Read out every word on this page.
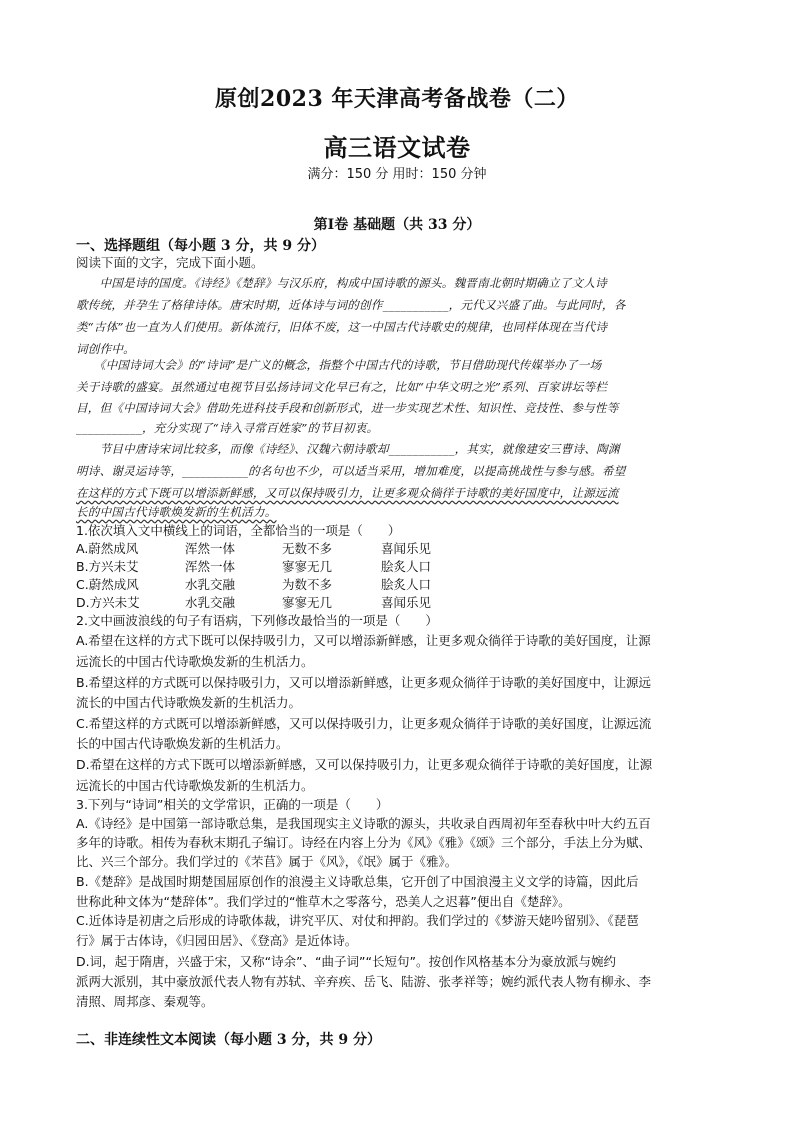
原创2023 年天津高考备战卷（二）
高三语文试卷
满分：150 分 用时：150 分钟
第Ⅰ卷 基础题（共 33 分）
一、选择题组（每小题 3 分，共 9 分）
阅读下面的文字，完成下面小题。
　　中国是诗的国度。《诗经》《楚辞》与汉乐府，构成中国诗歌的源头。魏晋南北朝时期确立了文人诗
歌传统，并孕生了格律诗体。唐宋时期，近体诗与词的创作___________，元代又兴盛了曲。与此同时，各
类“古体”也一直为人们使用。新体流行，旧体不废，这一中国古代诗歌史的规律，也同样体现在当代诗
词创作中。
　　《中国诗词大会》的“诗词”是广义的概念，指整个中国古代的诗歌，节目借助现代传媒举办了一场
关于诗歌的盛宴。虽然通过电视节目弘扬诗词文化早已有之，比如“中华文明之光”系列、百家讲坛等栏
目，但《中国诗词大会》借助先进科技手段和创新形式，进一步实现艺术性、知识性、竞技性、参与性等
___________，充分实现了“诗入寻常百姓家”的节目初衷。
　　节目中唐诗宋词比较多，而像《诗经》、汉魏六朝诗歌却___________，其实，就像建安三曹诗、陶渊
明诗、谢灵运诗等，___________的名句也不少，可以适当采用，增加难度，以提高挑战性与参与感。希望
在这样的方式下既可以增添新鲜感，又可以保持吸引力，让更多观众徜徉于诗歌的美好国度中，让源远流
长的中国古代诗歌焕发新的生机活力。
1.依次填入文中横线上的词语，全都恰当的一项是（　　）
A.蔚然成风	浑然一体	无数不多	喜闻乐见
B.方兴未艾	浑然一体	寥寥无几	脍炙人口
C.蔚然成风	水乳交融	为数不多	脍炙人口
D.方兴未艾	水乳交融	寥寥无几	喜闻乐见
2.文中画波浪线的句子有语病，下列修改最恰当的一项是（　　）
A.希望在这样的方式下既可以保持吸引力，又可以增添新鲜感，让更多观众徜徉于诗歌的美好国度，让源
远流长的中国古代诗歌焕发新的生机活力。
B.希望这样的方式既可以保持吸引力，又可以增添新鲜感，让更多观众徜徉于诗歌的美好国度中，让源远
流长的中国古代诗歌焕发新的生机活力。
C.希望这样的方式既可以增添新鲜感，又可以保持吸引力，让更多观众徜徉于诗歌的美好国度，让源远流
长的中国古代诗歌焕发新的生机活力。
D.希望在这样的方式下既可以增添新鲜感，又可以保持吸引力，让更多观众徜徉于诗歌的美好国度，让源
远流长的中国古代诗歌焕发新的生机活力。
3.下列与“诗词”相关的文学常识，正确的一项是（　　）
A.《诗经》是中国第一部诗歌总集，是我国现实主义诗歌的源头，共收录自西周初年至春秋中叶大约五百
多年的诗歌。相传为春秋末期孔子编订。诗经在内容上分为《风》《雅》《颂》三个部分，手法上分为赋、
比、兴三个部分。我们学过的《芣苢》属于《风》，《氓》属于《雅》。
B.《楚辞》是战国时期楚国屈原创作的浪漫主义诗歌总集，它开创了中国浪漫主义文学的诗篇，因此后
世称此种文体为“楚辞体”。我们学过的“惟草木之零落兮，恐美人之迟暮”便出自《楚辞》。
C.近体诗是初唐之后形成的诗歌体裁，讲究平仄、对仗和押韵。我们学过的《梦游天姥吟留别》、《琵琶
行》属于古体诗，《归园田居》、《登高》是近体诗。
D.词，起于隋唐，兴盛于宋，又称“诗余”、“曲子词”“长短句”。按创作风格基本分为豪放派与婉约
派两大派别，其中豪放派代表人物有苏轼、辛弃疾、岳飞、陆游、张孝祥等；婉约派代表人物有柳永、李
清照、周邦彦、秦观等。
二、非连续性文本阅读（每小题 3 分，共 9 分）
